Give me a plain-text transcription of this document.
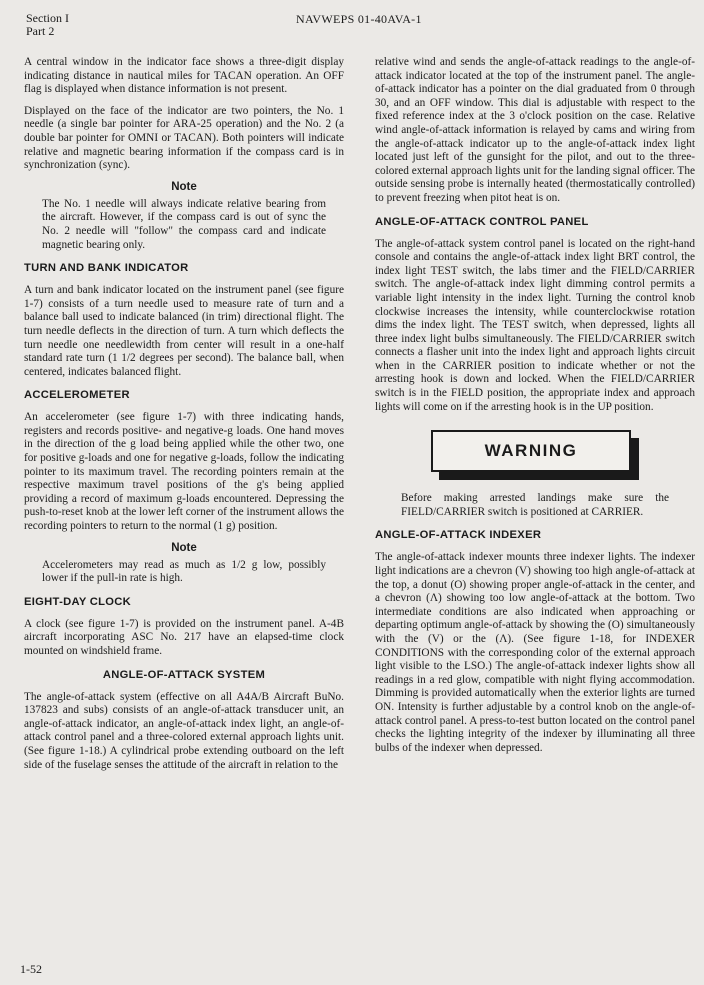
Section I
Part 2
NAVWEPS 01-40AVA-1

A central window in the indicator face shows a three-digit display indicating distance in nautical miles for TACAN operation. An OFF flag is displayed when distance information is not present.

Displayed on the face of the indicator are two pointers, the No. 1 needle (a single bar pointer for ARA-25 operation) and the No. 2 (a double bar pointer for OMNI or TACAN). Both pointers will indicate relative and magnetic bearing information if the compass card is in synchronization (sync).

Note

The No. 1 needle will always indicate relative bearing from the aircraft. However, if the compass card is out of sync the No. 2 needle will "follow" the compass card and indicate magnetic bearing only.

TURN AND BANK INDICATOR

A turn and bank indicator located on the instrument panel (see figure 1-7) consists of a turn needle used to measure rate of turn and a balance ball used to indicate balanced (in trim) directional flight. The turn needle deflects in the direction of turn. A turn which deflects the turn needle one needlewidth from center will result in a one-half standard rate turn (1 1/2 degrees per second). The balance ball, when centered, indicates balanced flight.

ACCELEROMETER

An accelerometer (see figure 1-7) with three indicating hands, registers and records positive- and negative-g loads. One hand moves in the direction of the g load being applied while the other two, one for positive g-loads and one for negative g-loads, follow the indicating pointer to its maximum travel. The recording pointers remain at the respective maximum travel positions of the g's being applied providing a record of maximum g-loads encountered. Depressing the push-to-reset knob at the lower left corner of the instrument allows the recording pointers to return to the normal (1 g) position.

Note

Accelerometers may read as much as 1/2 g low, possibly lower if the pull-in rate is high.

EIGHT-DAY CLOCK

A clock (see figure 1-7) is provided on the instrument panel. A-4B aircraft incorporating ASC No. 217 have an elapsed-time clock mounted on windshield frame.

ANGLE-OF-ATTACK SYSTEM

The angle-of-attack system (effective on all A4A/B Aircraft BuNo. 137823 and subs) consists of an angle-of-attack transducer unit, an angle-of-attack indicator, an angle-of-attack index light, an angle-of-attack control panel and a three-colored external approach lights unit. (See figure 1-18.) A cylindrical probe extending outboard on the left side of the fuselage senses the attitude of the aircraft in relation to the

relative wind and sends the angle-of-attack readings to the angle-of-attack indicator located at the top of the instrument panel. The angle-of-attack indicator has a pointer on the dial graduated from 0 through 30, and an OFF window. This dial is adjustable with respect to the fixed reference index at the 3 o'clock position on the case. Relative wind angle-of-attack information is relayed by cams and wiring from the angle-of-attack indicator up to the angle-of-attack index light located just left of the gunsight for the pilot, and out to the three-colored external approach lights unit for the landing signal officer. The outside sensing probe is internally heated (thermostatically controlled) to prevent freezing when pitot heat is on.

ANGLE-OF-ATTACK CONTROL PANEL

The angle-of-attack system control panel is located on the right-hand console and contains the angle-of-attack index light BRT control, the index light TEST switch, the labs timer and the FIELD/CARRIER switch. The angle-of-attack index light dimming control permits a variable light intensity in the index light. Turning the control knob clockwise increases the intensity, while counterclockwise rotation dims the index light. The TEST switch, when depressed, lights all three index light bulbs simultaneously. The FIELD/CARRIER switch connects a flasher unit into the index light and approach lights circuit when in the CARRIER position to indicate whether or not the arresting hook is down and locked. When the FIELD/CARRIER switch is in the FIELD position, the appropriate index and approach lights will come on if the arresting hook is in the UP position.

WARNING

Before making arrested landings make sure the FIELD/CARRIER switch is positioned at CARRIER.

ANGLE-OF-ATTACK INDEXER

The angle-of-attack indexer mounts three indexer lights. The indexer light indications are a chevron (V) showing too high angle-of-attack at the top, a donut (O) showing proper angle-of-attack in the center, and a chevron (Λ) showing too low angle-of-attack at the bottom. Two intermediate conditions are also indicated when approaching or departing optimum angle-of-attack by showing the (O) simultaneously with the (V) or the (Λ). (See figure 1-18, for INDEXER CONDITIONS with the corresponding color of the external approach light visible to the LSO.) The angle-of-attack indexer lights show all readings in a red glow, compatible with night flying accommodation. Dimming is provided automatically when the exterior lights are turned ON. Intensity is further adjustable by a control knob on the angle-of-attack control panel. A press-to-test button located on the control panel checks the lighting integrity of the indexer by illuminating all three bulbs of the indexer when depressed.

1-52
